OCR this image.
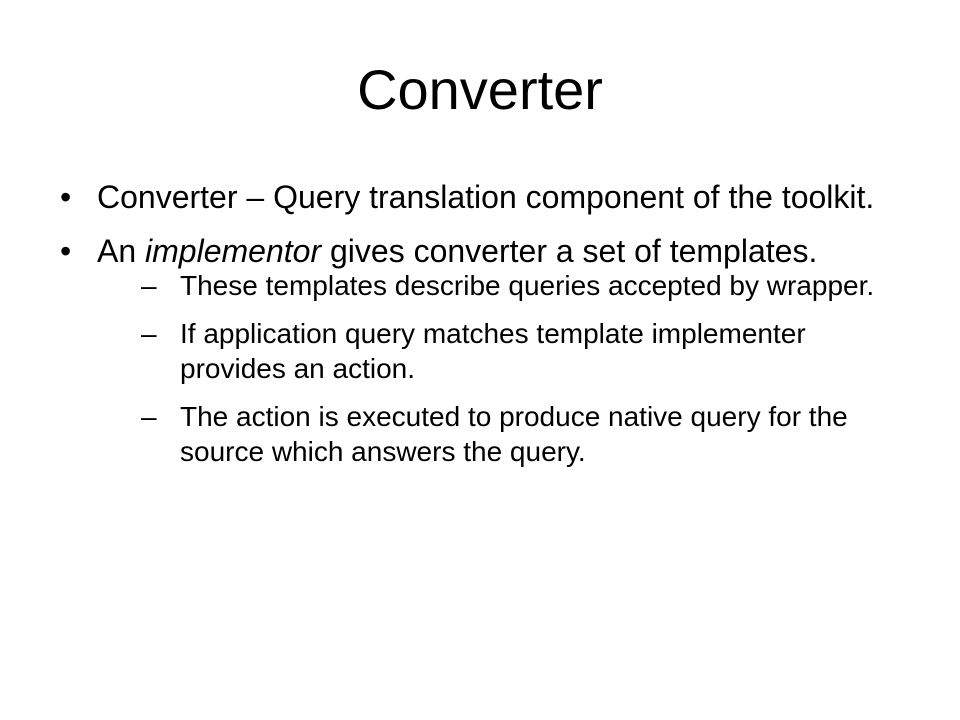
Converter
• Converter – Query translation component of the toolkit.
• An implementor gives converter a set of templates.
– These templates describe queries accepted by wrapper.
– If application query matches template implementer provides an action.
– The action is executed to produce native query for the source which answers the query.
